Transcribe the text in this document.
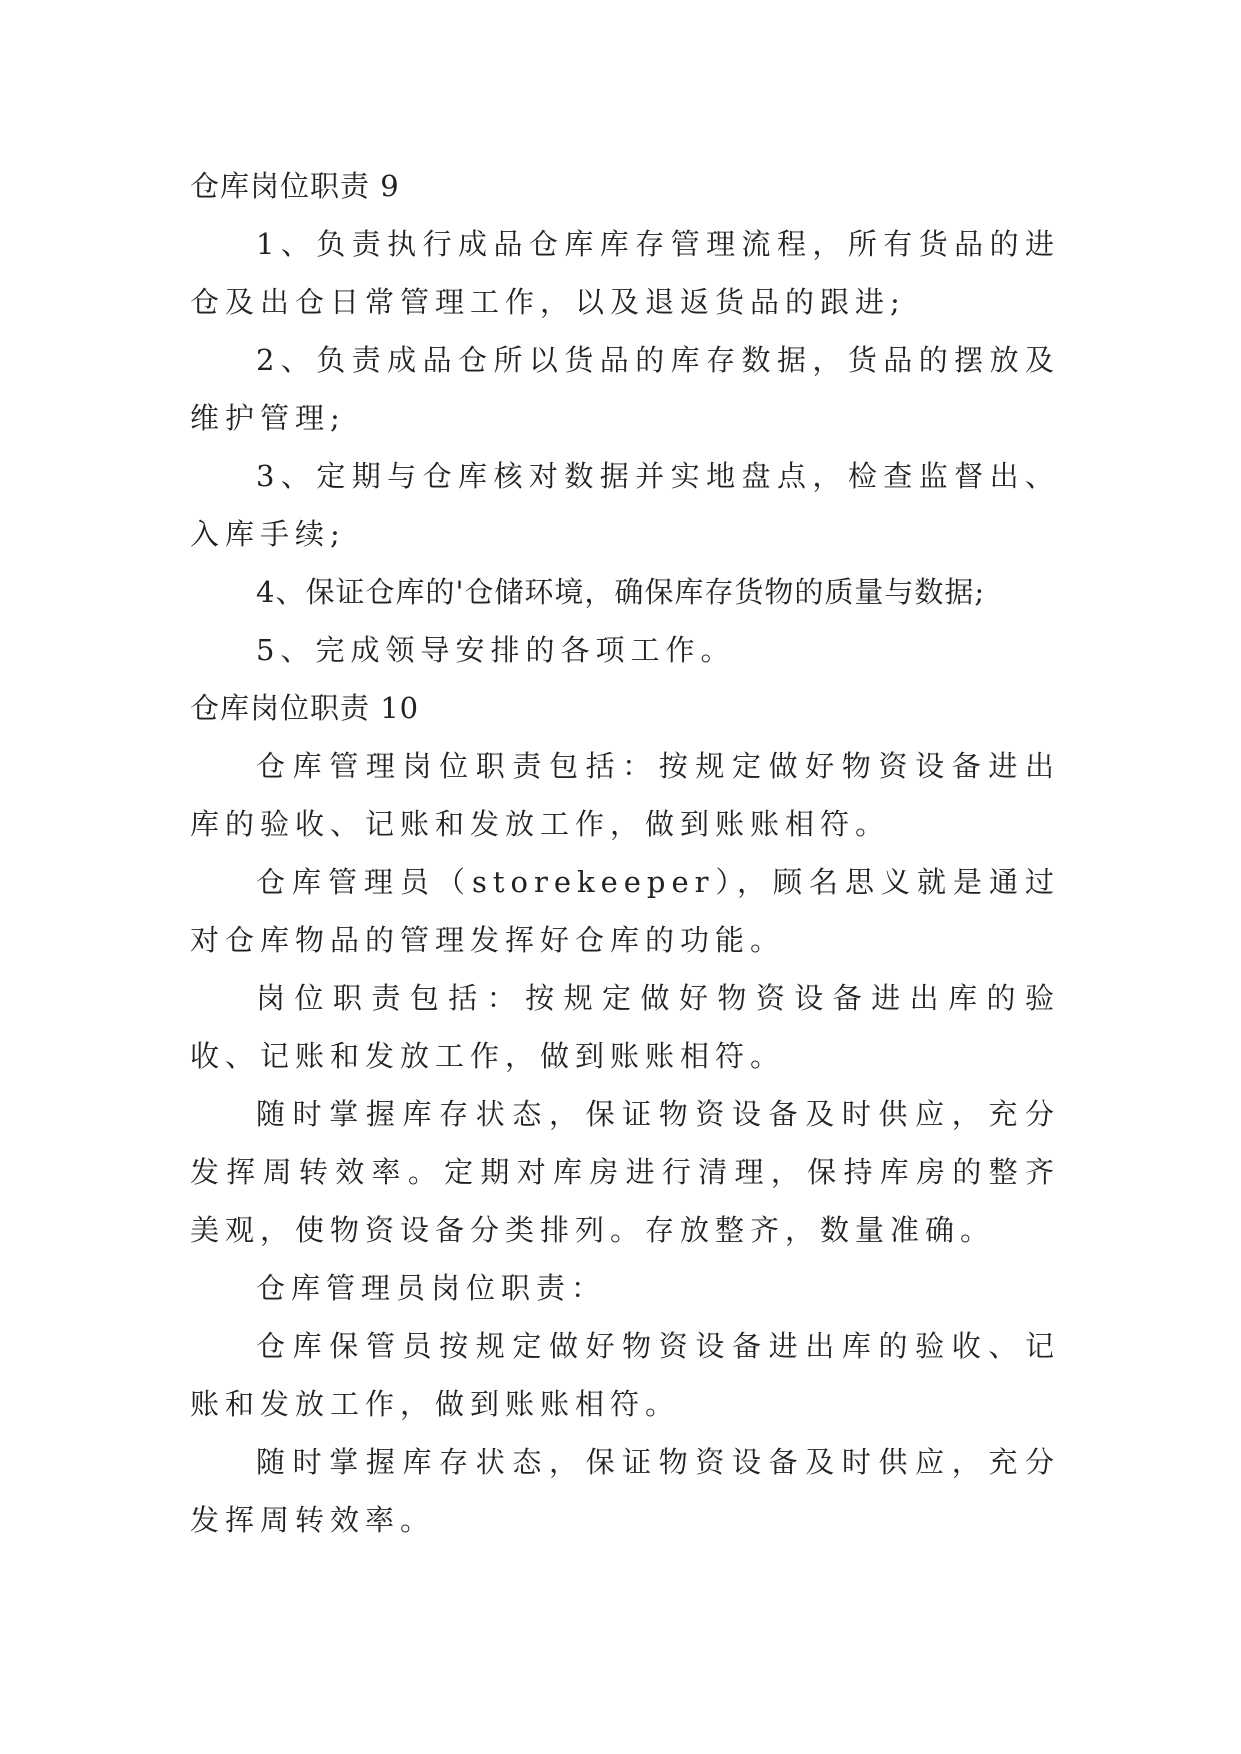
仓库岗位职责 9

1、负责执行成品仓库库存管理流程，所有货品的进仓及出仓日常管理工作，以及退返货品的跟进;

2、负责成品仓所以货品的库存数据，货品的摆放及维护管理;

3、定期与仓库核对数据并实地盘点，检查监督出、入库手续;

4、保证仓库的'仓储环境，确保库存货物的质量与数据;

5、完成领导安排的各项工作。

仓库岗位职责 10

仓库管理岗位职责包括：按规定做好物资设备进出库的验收、记账和发放工作，做到账账相符。

仓库管理员（storekeeper），顾名思义就是通过对仓库物品的管理发挥好仓库的功能。

岗位职责包括：按规定做好物资设备进出库的验收、记账和发放工作，做到账账相符。

随时掌握库存状态，保证物资设备及时供应，充分发挥周转效率。定期对库房进行清理，保持库房的整齐美观，使物资设备分类排列。存放整齐，数量准确。

仓库管理员岗位职责：

仓库保管员按规定做好物资设备进出库的验收、记账和发放工作，做到账账相符。

随时掌握库存状态，保证物资设备及时供应，充分发挥周转效率。
